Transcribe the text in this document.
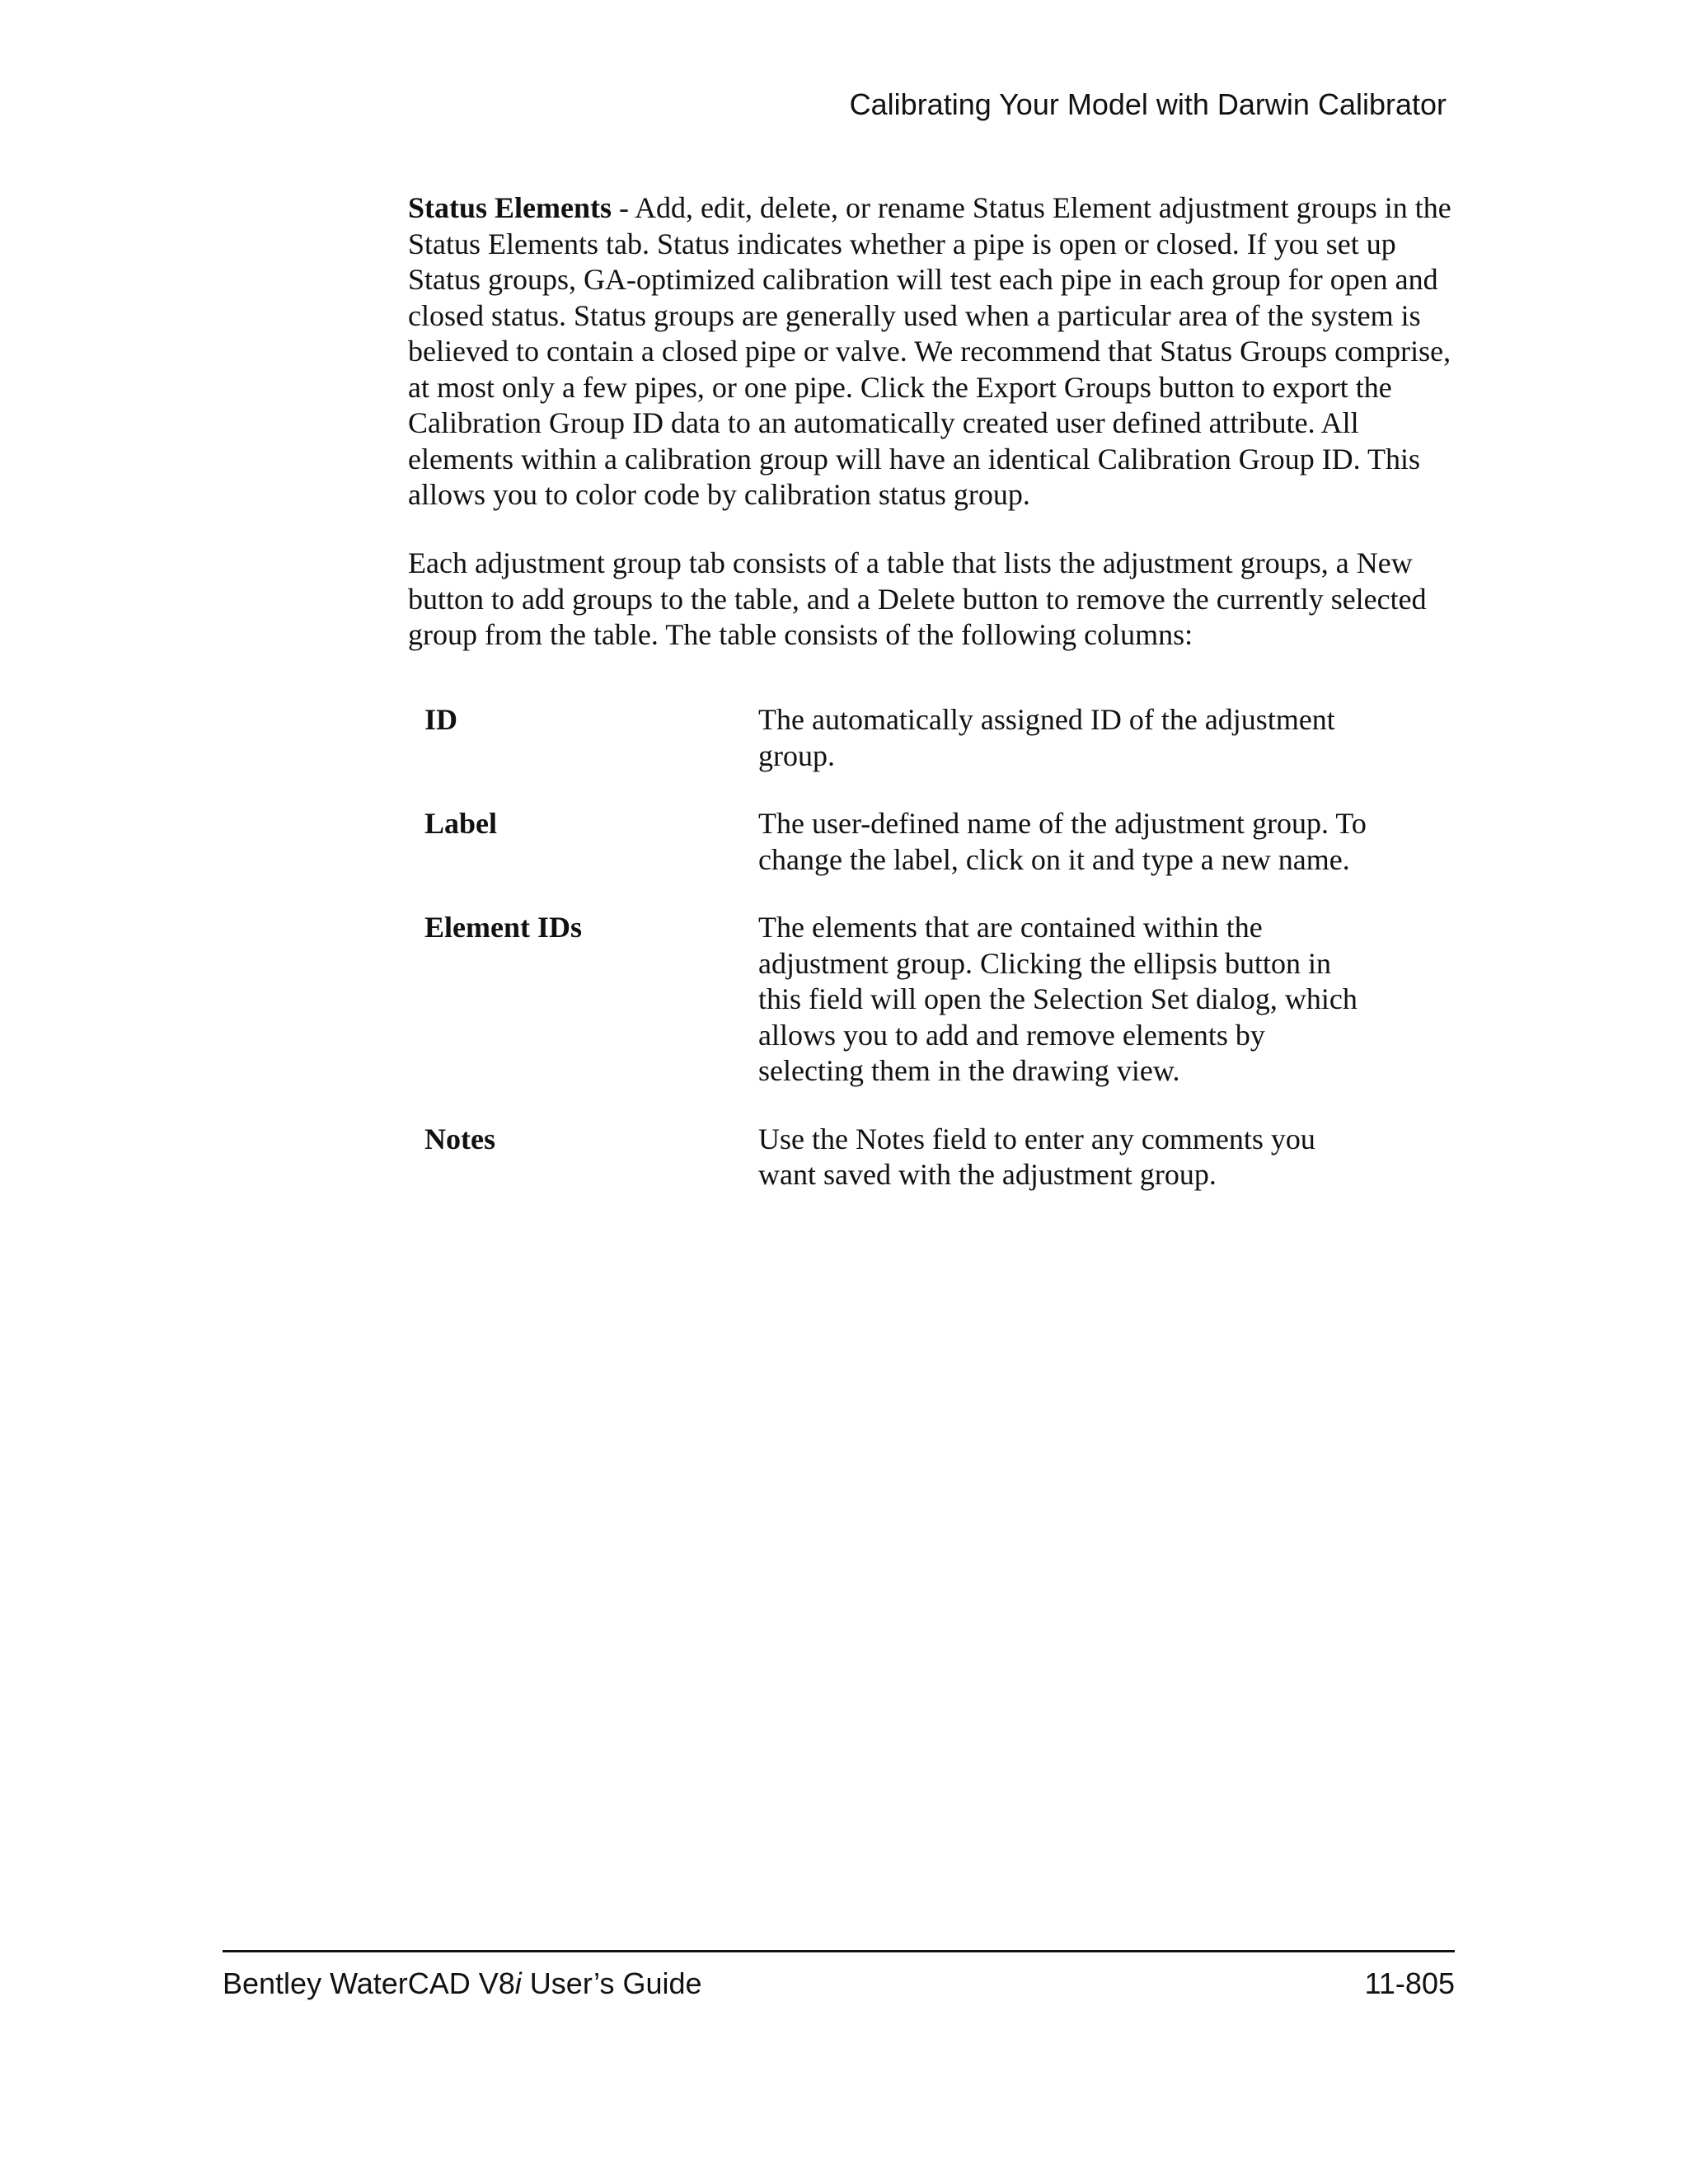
Calibrating Your Model with Darwin Calibrator

Status Elements - Add, edit, delete, or rename Status Element adjustment groups in the Status Elements tab. Status indicates whether a pipe is open or closed. If you set up Status groups, GA-optimized calibration will test each pipe in each group for open and closed status. Status groups are generally used when a particular area of the system is believed to contain a closed pipe or valve. We recommend that Status Groups comprise, at most only a few pipes, or one pipe. Click the Export Groups button to export the Calibration Group ID data to an automatically created user defined attribute. All elements within a calibration group will have an identical Calibration Group ID. This allows you to color code by calibration status group.

Each adjustment group tab consists of a table that lists the adjustment groups, a New button to add groups to the table, and a Delete button to remove the currently selected group from the table. The table consists of the following columns:

ID	The automatically assigned ID of the adjustment group.
Label	The user-defined name of the adjustment group. To change the label, click on it and type a new name.
Element IDs	The elements that are contained within the adjustment group. Clicking the ellipsis button in this field will open the Selection Set dialog, which allows you to add and remove elements by selecting them in the drawing view.
Notes	Use the Notes field to enter any comments you want saved with the adjustment group.
Bentley WaterCAD V8i User’s Guide	11-805
